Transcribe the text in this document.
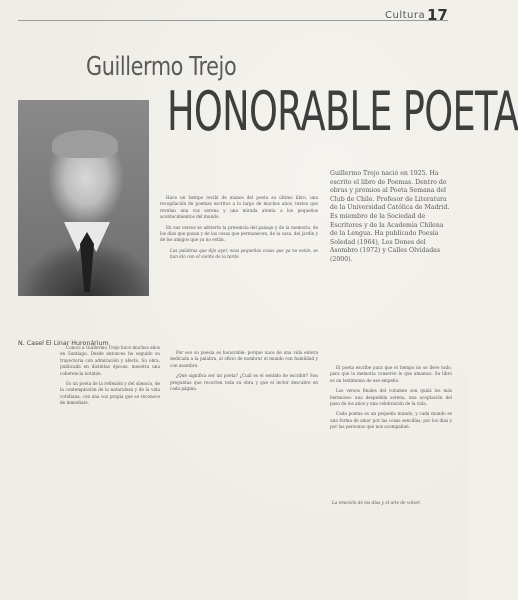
Cultura 17
Guillermo Trejo
HONORABLE POETA
Guillermo Trejo nació en 1925. Ha escrito el libro de Poemas. Dentro de obras y premios al Poeta Semana del Club de Chile. Profesor de Literatura de la Universidad Católica de Madrid. Es miembro de la Sociedad de Escritores y de la Academia Chilena de la Lengua. Ha publicado Poesía Soledad (1964), Los Dones del Asombro (1972) y Calles Olvidadas (2000).

Hace un tiempo recibí de manos del poeta su último libro, una recopilación de poemas escritos a lo largo de muchos años, textos que revelan una voz serena y una mirada atenta a los pequeños acontecimientos del mundo.

En sus versos se advierte la presencia del paisaje y de la memoria, de los días que pasan y de las cosas que permanecen, de la casa, del jardín y de los amigos que ya no están.

Las palabras que dije ayer, esas pequeñas cosas que ya no están, se han ido con el viento de la tarde.

Por eso su poesía es honorable: porque nace de una vida entera dedicada a la palabra, al oficio de nombrar el mundo con humildad y con asombro.

¿Qué significa ser un poeta? ¿Cuál es el sentido de escribir? Son preguntas que recorren toda su obra y que el lector descubre en cada página.

N. Casel El Linar Huronárium

Conocí a Guillermo Trejo hace muchos años en Santiago. Desde entonces he seguido su trayectoria con admiración y afecto. Su obra, publicada en distintas épocas, muestra una coherencia notable.

Es un poeta de la reflexión y del silencio, de la contemplación de la naturaleza y de la vida cotidiana, con una voz propia que se reconoce de inmediato.

El poeta escribe para que el tiempo no se lleve todo, para que la memoria conserve lo que amamos. Su libro es un testimonio de ese empeño.

Los versos finales del volumen son quizá los más hermosos: una despedida serena, una aceptación del paso de los años y una celebración de la vida.

Cada poema es un pequeño mundo, y cada mundo es una forma de amor por las cosas sencillas, por los días y por las personas que nos acompañan.

La emoción de los días y el arte de volver.
